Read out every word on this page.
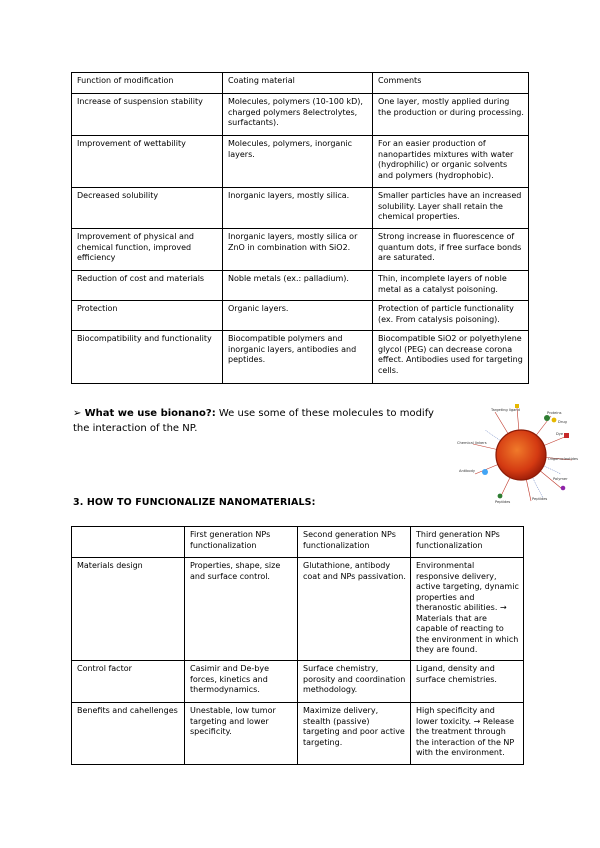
Function of modification	Coating material	Comments
Increase of suspension stability	Molecules, polymers (10-100 kD), charged polymers 8electrolytes, surfactants).	One layer, mostly applied during the production or during processing.
Improvement of wettability	Molecules, polymers, inorganic layers.	For an easier production of nanopartides mixtures with water (hydrophilic) or organic solvents and polymers (hydrophobic).
Decreased solubility	Inorganic layers, mostly silica.	Smaller particles have an increased solubility. Layer shall retain the chemical properties.
Improvement of physical and chemical function, improved efficiency	Inorganic layers, mostly silica or ZnO in combination with SiO2.	Strong increase in fluorescence of quantum dots, if free surface bonds are saturated.
Reduction of cost and materials	Noble metals (ex.: palladium).	Thin, incomplete layers of noble metal as a catalyst poisoning.
Protection	Organic layers.	Protection of particle functionality (ex. From catalysis poisoning).
Biocompatibility and functionality	Biocompatible polymers and inorganic layers, antibodies and peptides.	Biocompatible SiO2 or polyethylene glycol (PEG) can decrease corona effect. Antibodies used for targeting cells.
➢ What we use bionano?: We use some of these molecules to modify the interaction of the NP.	Dye
Drug
Oligonucleotides
Peptides
Antibody
Chemical linkers
Proteins
Polymer
Peptides
Targeting ligand
3. HOW TO FUNCIONALIZE NANOMATERIALS:
	First generation NPs functionalization	Second generation NPs functionalization	Third generation NPs functionalization
Materials design	Properties, shape, size and surface control.	Glutathione, antibody coat and NPs passivation.	Environmental responsive delivery, active targeting, dynamic properties and theranostic abilities. → Materials that are capable of reacting to the environment in which they are found.
Control factor	Casimir and De-bye forces, kinetics and thermodynamics.	Surface chemistry, porosity and coordination methodology.	Ligand, density and surface chemistries.
Benefits and cahellenges	Unestable, low tumor targeting and lower specificity.	Maximize delivery, stealth (passive) targeting and poor active targeting.	High specificity and lower toxicity. → Release the treatment through the interaction of the NP with the environment.
